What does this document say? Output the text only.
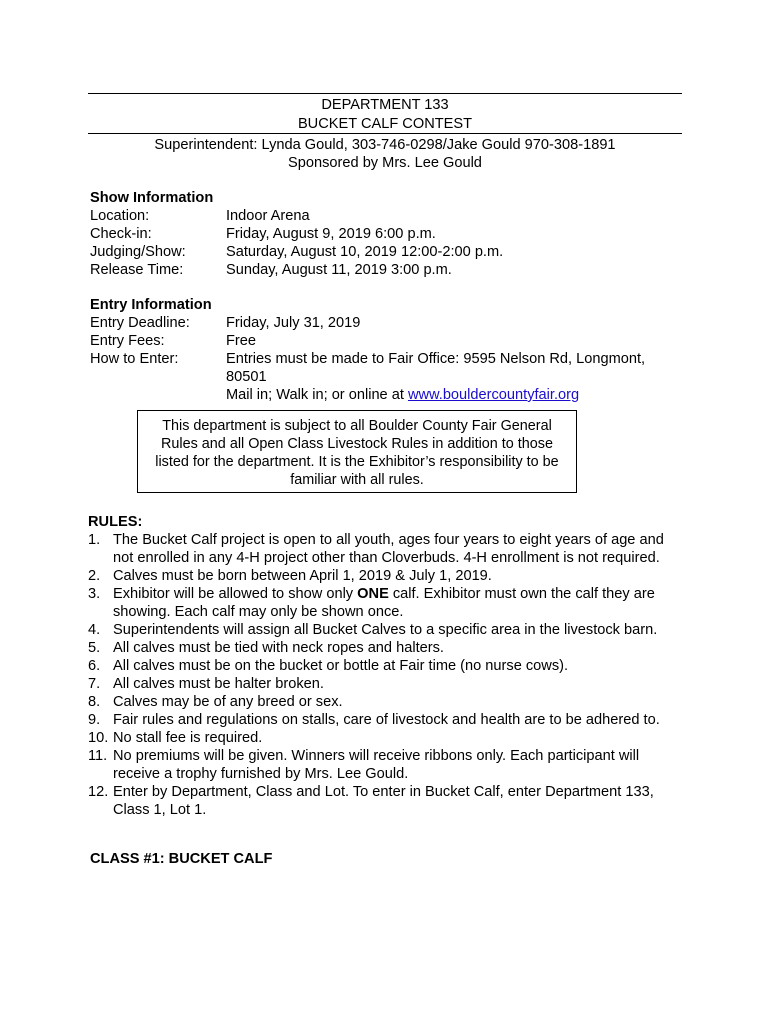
DEPARTMENT 133
BUCKET CALF CONTEST
Superintendent: Lynda Gould, 303-746-0298/Jake Gould 970-308-1891
Sponsored by Mrs. Lee Gould
Show Information
Location:	Indoor Arena
Check-in:	Friday, August 9, 2019 6:00 p.m.
Judging/Show:	Saturday, August 10, 2019 12:00-2:00 p.m.
Release Time:	Sunday, August 11, 2019 3:00 p.m.
Entry Information
Entry Deadline:	Friday, July 31, 2019
Entry Fees:	Free
How to Enter:	Entries must be made to Fair Office: 9595 Nelson Rd, Longmont,
80501
Mail in; Walk in; or online at www.bouldercountyfair.org
This department is subject to all Boulder County Fair General Rules and all Open Class Livestock Rules in addition to those listed for the department. It is the Exhibitor’s responsibility to be familiar with all rules.
RULES:
1. The Bucket Calf project is open to all youth, ages four years to eight years of age and not enrolled in any 4-H project other than Cloverbuds. 4-H enrollment is not required.
2. Calves must be born between April 1, 2019 & July 1, 2019.
3. Exhibitor will be allowed to show only ONE calf. Exhibitor must own the calf they are showing. Each calf may only be shown once.
4. Superintendents will assign all Bucket Calves to a specific area in the livestock barn.
5. All calves must be tied with neck ropes and halters.
6. All calves must be on the bucket or bottle at Fair time (no nurse cows).
7. All calves must be halter broken.
8. Calves may be of any breed or sex.
9. Fair rules and regulations on stalls, care of livestock and health are to be adhered to.
10. No stall fee is required.
11. No premiums will be given. Winners will receive ribbons only. Each participant will receive a trophy furnished by Mrs. Lee Gould.
12. Enter by Department, Class and Lot. To enter in Bucket Calf, enter Department 133, Class 1, Lot 1.
CLASS #1: BUCKET CALF
